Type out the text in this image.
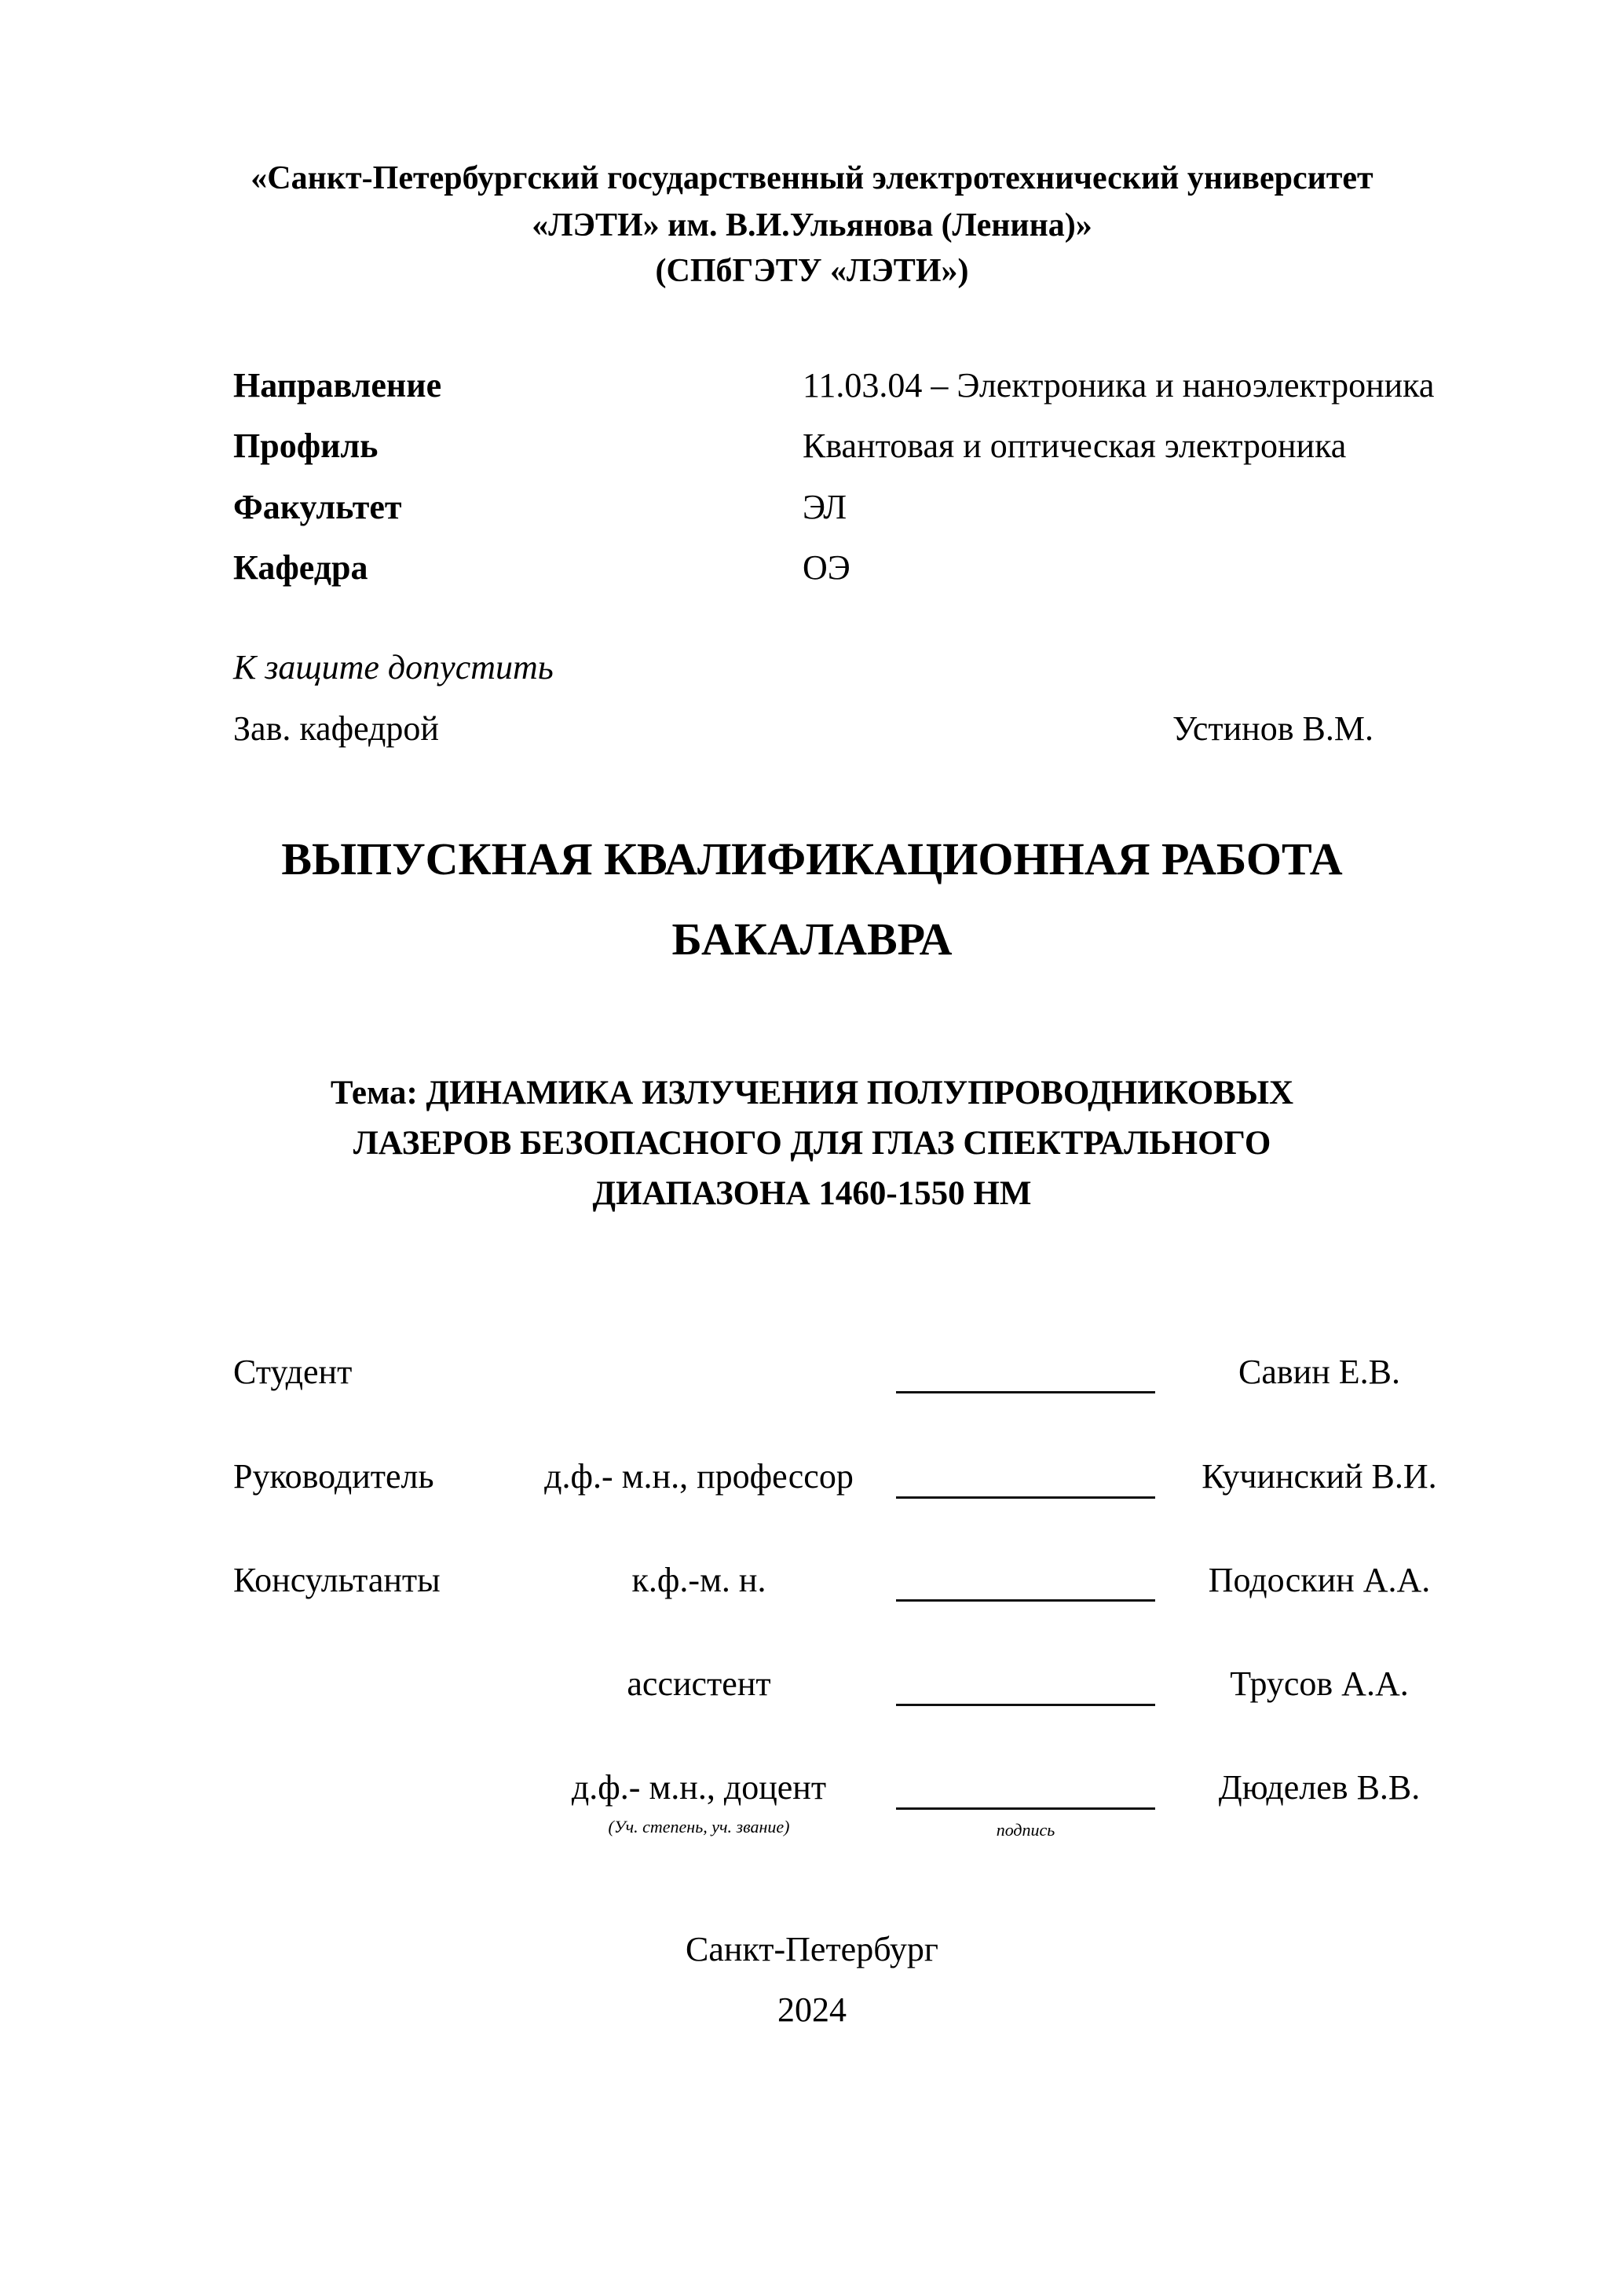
«Санкт-Петербургский государственный электротехнический университет
«ЛЭТИ» им. В.И.Ульянова (Ленина)»
(СПбГЭТУ «ЛЭТИ»)
Направление	11.03.04 – Электроника и наноэлектроника
Профиль	Квантовая и оптическая электроника
Факультет	ЭЛ
Кафедра	ОЭ
К защите допустить
Зав. кафедрой	Устинов В.М.
ВЫПУСКНАЯ КВАЛИФИКАЦИОННАЯ РАБОТА
БАКАЛАВРА
Тема: ДИНАМИКА ИЗЛУЧЕНИЯ ПОЛУПРОВОДНИКОВЫХ
ЛАЗЕРОВ БЕЗОПАСНОГО ДЛЯ ГЛАЗ СПЕКТРАЛЬНОГО
ДИАПАЗОНА 1460-1550 НМ
Студент	Савин Е.В.
Руководитель	д.ф.- м.н., профессор	Кучинский В.И.
Консультанты	к.ф.-м. н.	Подоскин А.А.
ассистент	Трусов А.А.
д.ф.- м.н., доцент	Дюделев В.В.
(Уч. степень, уч. звание)	подпись
Санкт-Петербург
2024
